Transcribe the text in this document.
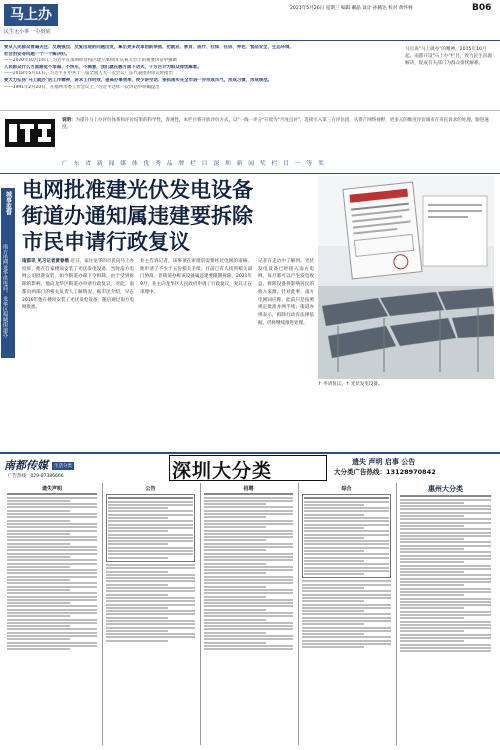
马上办
民生无小事 一办到底
2021年5月26日 星期三 编辑 戴晶 设计 孙腾达 校对 黄怀林	B06
要从人民群众普遍关注、反映强烈、反复出现的问题出发，拿出更多改革创新举措，把就业、教育、医疗、社保、住房、养老、食品安全、生态环境、
社会治安等问题一个一个解决好。
——2020年10月14日，习近平在深圳经济特区建立40周年庆祝大会上的重要讲话中强调
人民群众什么方面感觉不幸福、不快乐、不满意，我们就在哪方面下功夫，千方百计为群众排忧解难。
——2018年5月11日，习近平在中共十三届全国人大一次会议广东代表团的审议时指出
要大力弘扬"马上就办"的工作精神，讲求工作时效，提高办事效率，使少讲空话、狠抓落实在全市进一步形成风气，形成习惯，形成规范。
——1991年2月20日，在福州市委工作会议上，习近平这样一次讲话中明确提出
马官说"马上就办"的精神，2015年10月起，南都开设"马上办"栏目，致力民生问题解决，促成有关部门为群众排忧解难。
说明：为提升马上办评价体系和评价结果的科学性，客观性，本栏目将开放评价方式，以"一线一评分"开放为"月度点评"，选择引入第三方评估团，从资产网络视野，更多元的维度评价城市在市民诉求的处理、跟进速度。
广 东 省 新 闻 媒 体 优 秀 品 牌 栏 目 深 圳 新 闻 奖 栏 目 一 等 奖
城事监督
南方电网龙华供电局、龙华区福城街道办
电网批准建光伏发电设备
街道办通知属违建要拆除
市民申请行政复议
↑ 申请复议。↑ 光伏发电设备。
南都讯 见习记者黄春楷 近日，家住龙华的市民向马上办投诉，他在自家楼顶安装了光伏发电设备，当时南方电网公司批准安装，如今街道办却下令拆除，由于受到拆除的影响，他向龙华区街道办申请行政复议，对此，南都向两部门的相关负责人了解情况。据市民介绍，早在2016年他在楼顶安装了光伏发电设备，随后通过南方电网批准。
业主告诉记者，该事项在审批前需要经过电网的审核，他申请了不少于五份相关手续，目前已有人找到相关部门协商，但街道办称该设备属违建要限期拆除。2021年9月，业主向龙华区人民政府申请了行政复议，复议正在审理中。
记者在走访中了解到，光伏发电设备已经接入南方电网，每月都可以产生发电收益。拆除设备将影响居民的收入来源。针对此事，南方电网回应称，此前只是按照规定批准并网手续；街道办则表示，拆除行动有法律依据，仍将继续推进处理。
南都传媒	生活分类
广告热线：029-87386666	深圳大分类	遗失 声明 启事 公告
大分类广告热线：13128970842
遗失声明	公告	招聘	综合	惠州大分类
